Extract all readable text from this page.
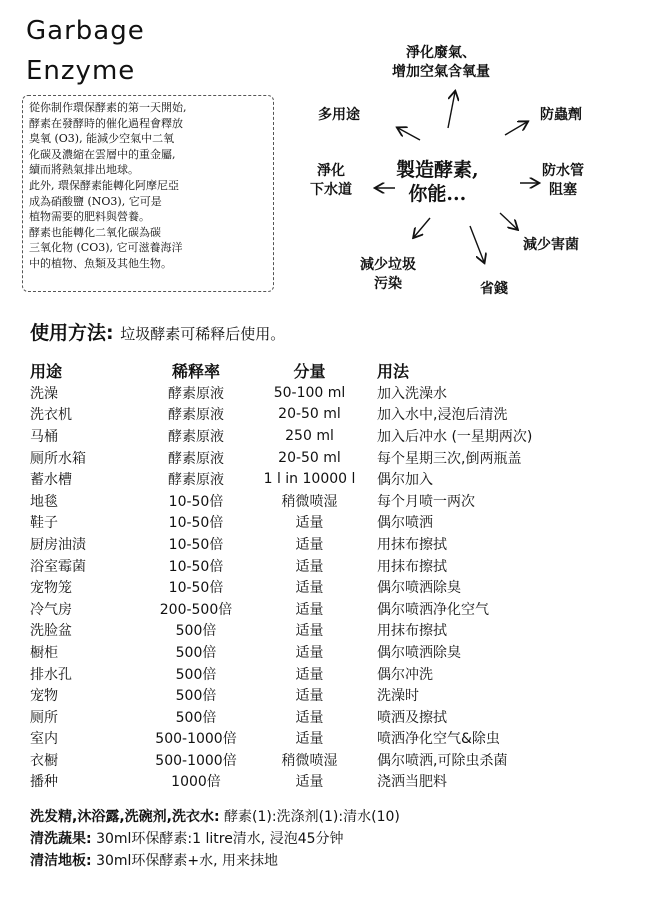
Garbage
Enzyme
從你制作環保酵素的第一天開始,
酵素在發酵時的催化過程會釋放
臭氧 (O3), 能減少空氣中二氧
化碳及濃縮在雲層中的重金屬,
續而將熱氣排出地球。
此外, 環保酵素能轉化阿摩尼亞
成為硝酸鹽 (NO3), 它可是
植物需要的肥料與營養。
酵素也能轉化二氧化碳為碳
三氧化物 (CO3), 它可滋養海洋
中的植物、魚類及其他生物。
淨化廢氣、
增加空氣含氧量
多用途	防蟲劑
淨化
下水道
防水管
阻塞
減少垃圾
污染	省錢
減少害菌
製造酵素,
你能...
使用方法: 垃圾酵素可稀释后使用。
用途	稀释率	分量	用法
洗澡	酵素原液	50-100 ml	加入洗澡水
洗衣机	酵素原液	20-50 ml	加入水中,浸泡后清洗
马桶	酵素原液	250 ml	加入后冲水 (一星期两次)
厕所水箱	酵素原液	20-50 ml	每个星期三次,倒两瓶盖
蓄水槽	酵素原液	1 l in 10000 l	偶尔加入
地毯	10-50倍	稍微喷湿	每个月喷一两次
鞋子	10-50倍	适量	偶尔喷洒
厨房油渍	10-50倍	适量	用抹布擦拭
浴室霉菌	10-50倍	适量	用抹布擦拭
宠物笼	10-50倍	适量	偶尔喷洒除臭
冷气房	200-500倍	适量	偶尔喷洒净化空气
洗脸盆	500倍	适量	用抹布擦拭
橱柜	500倍	适量	偶尔喷洒除臭
排水孔	500倍	适量	偶尔冲洗
宠物	500倍	适量	洗澡时
厕所	500倍	适量	喷洒及擦拭
室内	500-1000倍	适量	喷洒净化空气&除虫
衣橱	500-1000倍	稍微喷湿	偶尔喷洒,可除虫杀菌
播种	1000倍	适量	浇洒当肥料
洗发精,沐浴露,洗碗剂,洗衣水: 酵素(1):洗涤剂(1):清水(10)
清洗蔬果: 30ml环保酵素:1 litre清水, 浸泡45分钟
清洁地板: 30ml环保酵素+水, 用来抹地
